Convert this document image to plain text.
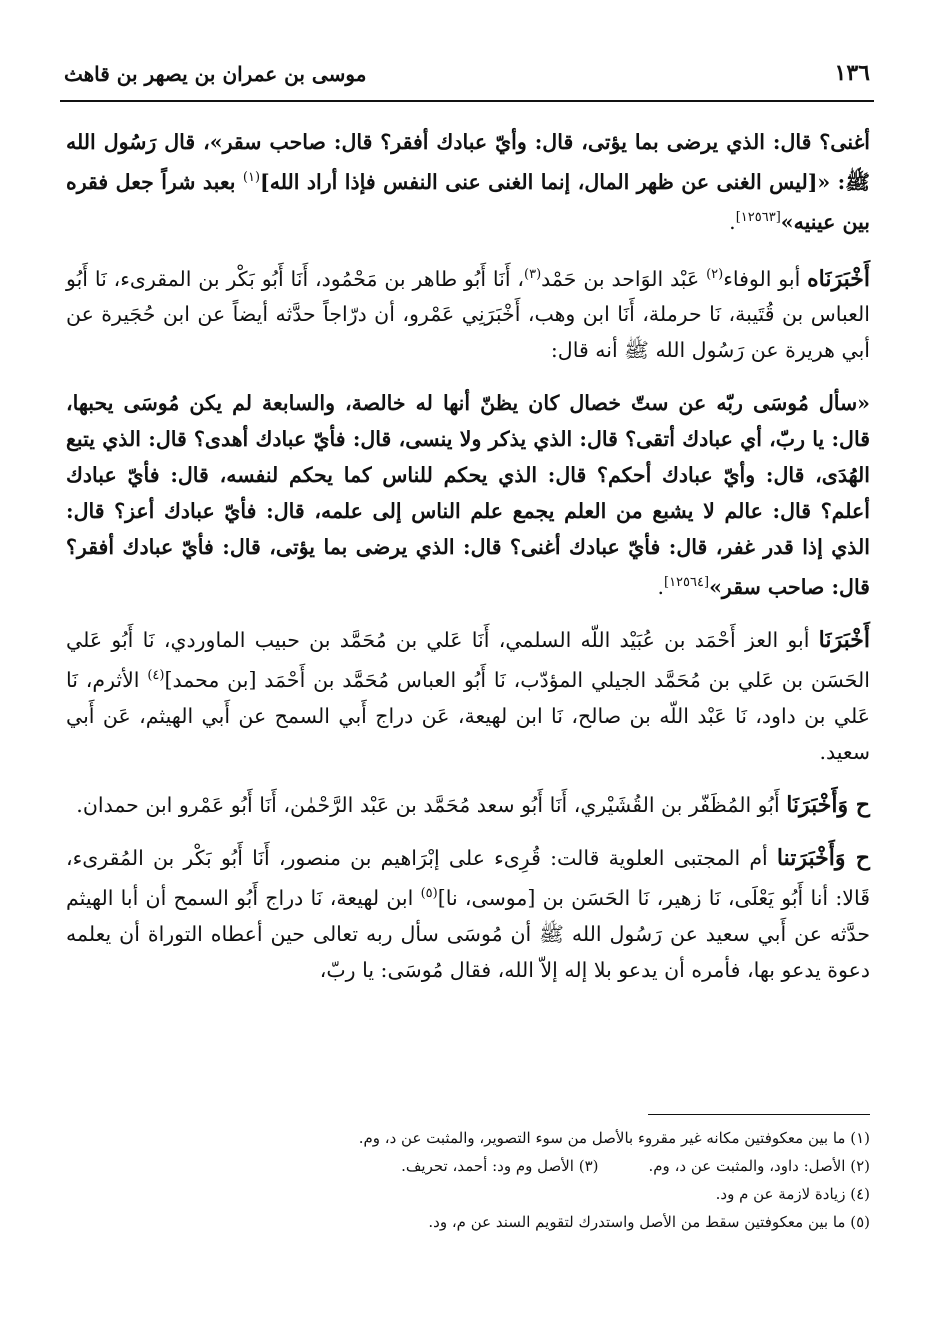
١٣٦
موسى بن عمران بن يصهر بن قاهث

أغنى؟ قال: الذي يرضى بما يؤتى، قال: وأيّ عبادك أفقر؟ قال: صاحب سقر»، قال رَسُول الله ﷺ: «[ليس الغنى عن ظهر المال، إنما الغنى عنى النفس فإذا أراد الله]$^{(١)}$ بعبد شراً جعل فقره بين عينيه»[١٢٥٦٣].

أَخْبَرَنَاه أبو الوفاء$^{(٢)}$ عَبْد الوَاحد بن حَمْد$^{(٣)}$، أَنَا أَبُو طاهر بن مَحْمُود، أَنَا أَبُو بَكْر بن المقرىء، نَا أَبُو العباس بن قُتَيبة، نَا حرملة، أَنَا ابن وهب، أَخْبَرَنِي عَمْرو، أن درّاجاً حدَّثه أيضاً عن ابن حُجَيرة عن أبي هريرة عن رَسُول الله ﷺ أنه قال:

«سأل مُوسَى ربّه عن ستّ خصال كان يظنّ أنها له خالصة، والسابعة لم يكن مُوسَى يحبها، قال: يا ربّ، أي عبادك أتقى؟ قال: الذي يذكر ولا ينسى، قال: فأيّ عبادك أهدى؟ قال: الذي يتبع الهُدَى، قال: وأيّ عبادك أحكم؟ قال: الذي يحكم للناس كما يحكم لنفسه، قال: فأيّ عبادك أعلم؟ قال: عالم لا يشبع من العلم يجمع علم الناس إلى علمه، قال: فأيّ عبادك أعز؟ قال: الذي إذا قدر غفر، قال: فأيّ عبادك أغنى؟ قال: الذي يرضى بما يؤتى، قال: فأيّ عبادك أفقر؟ قال: صاحب سقر»[١٢٥٦٤].

أَخْبَرَنَا أبو العز أَحْمَد بن عُبَيْد اللّه السلمي، أَنَا عَلي بن مُحَمَّد بن حبيب الماوردي، نَا أَبُو عَلي الحَسَن بن عَلي بن مُحَمَّد الجيلي المؤدّب، نَا أَبُو العباس مُحَمَّد بن أَحْمَد [بن محمد]$^{(٤)}$ الأثرم، نَا عَلي بن داود، نَا عَبْد اللّه بن صالح، نَا ابن لهيعة، عَن دراج أَبي السمح عن أَبي الهيثم، عَن أَبي سعيد.

ح وَأَخْبَرَنَا أَبُو المُظَفّر بن القُشَيْري، أَنَا أَبُو سعد مُحَمَّد بن عَبْد الرَّحْمٰن، أَنَا أَبُو عَمْرو ابن حمدان.

ح وَأَخْبَرَتنا أم المجتبى العلوية قالت: قُرِىء على إبْرَاهيم بن منصور، أَنَا أَبُو بَكْر بن المُقرىء، قَالا: أنا أَبُو يَعْلَى، نَا زهير، نَا الحَسَن بن [موسى، نا]$^{(٥)}$ ابن لهيعة، نَا دراج أَبُو السمح أن أبا الهيثم حدَّثه عن أَبي سعيد عن رَسُول الله ﷺ أن مُوسَى سأل ربه تعالى حين أعطاه التوراة أن يعلمه دعوة يدعو بها، فأمره أن يدعو بلا إله إلاّ الله، فقال مُوسَى: يا ربّ،

(١) ما بين معكوفتين مكانه غير مقروء بالأصل من سوء التصوير، والمثبت عن د، وم.
(٢) الأصل: داود، والمثبت عن د، وم.(٣) الأصل وم ود: أحمد، تحريف.
(٤) زيادة لازمة عن م ود.
(٥) ما بين معكوفتين سقط من الأصل واستدرك لتقويم السند عن م، ود.
